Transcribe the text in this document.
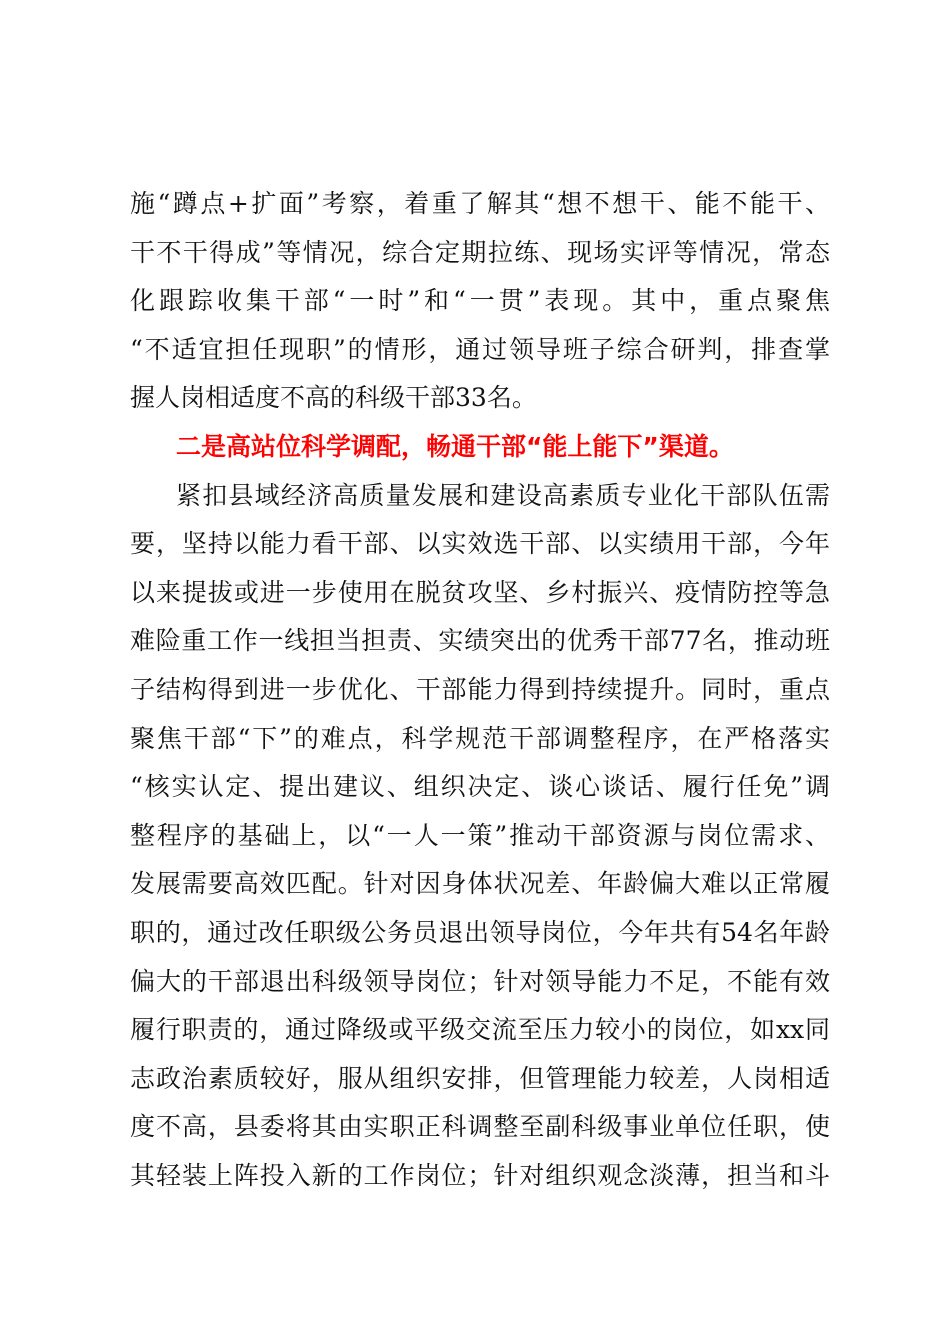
施“蹲点+扩面”考察，着重了解其“想不想干、能不能干、
干不干得成”等情况，综合定期拉练、现场实评等情况，常态
化跟踪收集干部“一时”和“一贯”表现。其中，重点聚焦
“不适宜担任现职”的情形，通过领导班子综合研判，排查掌
握人岗相适度不高的科级干部33名。
二是高站位科学调配，畅通干部“能上能下”渠道。
紧扣县域经济高质量发展和建设高素质专业化干部队伍需
要，坚持以能力看干部、以实效选干部、以实绩用干部，今年
以来提拔或进一步使用在脱贫攻坚、乡村振兴、疫情防控等急
难险重工作一线担当担责、实绩突出的优秀干部77名，推动班
子结构得到进一步优化、干部能力得到持续提升。同时，重点
聚焦干部“下”的难点，科学规范干部调整程序，在严格落实
“核实认定、提出建议、组织决定、谈心谈话、履行任免”调
整程序的基础上，以“一人一策”推动干部资源与岗位需求、
发展需要高效匹配。针对因身体状况差、年龄偏大难以正常履
职的，通过改任职级公务员退出领导岗位，今年共有54名年龄
偏大的干部退出科级领导岗位；针对领导能力不足，不能有效
履行职责的，通过降级或平级交流至压力较小的岗位，如xx同
志政治素质较好，服从组织安排，但管理能力较差，人岗相适
度不高，县委将其由实职正科调整至副科级事业单位任职，使
其轻装上阵投入新的工作岗位；针对组织观念淡薄，担当和斗
